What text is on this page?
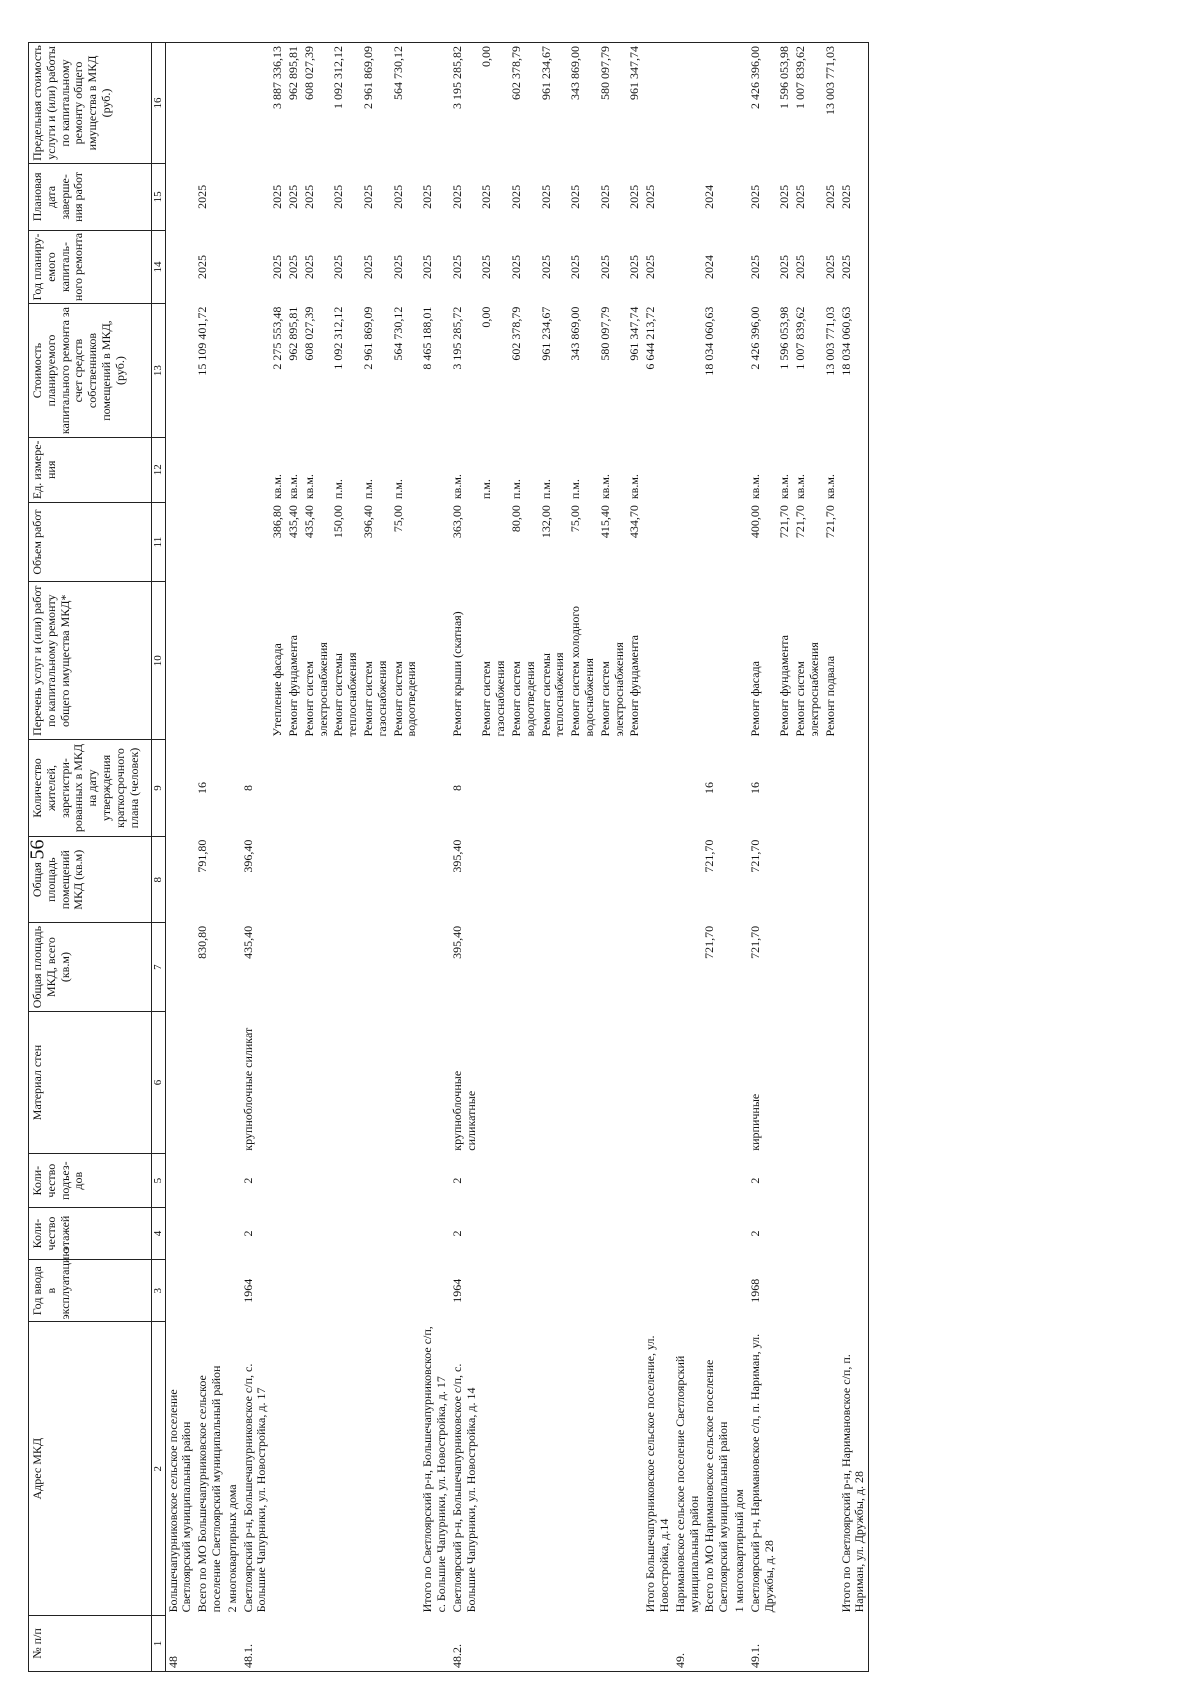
56
№ п/п	Адрес МКД	Год ввода в эксплуатацию	Коли-чество этажей	Коли-чество подъез-дов	Материал стен	Общая площадь МКД, всего (кв.м)	Общая площадь помещений МКД (кв.м)	Количество жителей, зарегистри-рованных в МКД на дату утверждения краткосрочного плана (человек)	Перечень услуг и (или) работ по капитальному ремонту общего имущества МКД*	Объем работ	Ед. измере-ния	Стоимость планируемого капитального ремонта за счет средств собственников помещений в МКД, (руб.)	Год планиру-емого капиталь-ного ремонта	Плановая дата заверше-ния работ	Предельная стоимость услуги и (или) работы по капитальному ремонту общего имущества в МКД (руб.)
1	2	3	4	5	6	7	8	9	10	11	12	13	14	15	16
48	Большечапурниковское сельское поселение Светлоярский муниципальный район														
	Всего по МО Большечапурниковское сельское поселение Светлоярский муниципальный район					830,80	791,80	16				15 109 401,72	2025	2025	
	2 многоквартирных дома														
48.1.	Светлоярский р-н, Большечапурниковское с/п, с. Большие Чапурники, ул. Новостройка, д. 17	1964	2	2	крупноблочные силикат	435,40	396,40	8							
									Утепление фасада	386,80	кв.м.	2 275 553,48	2025	2025	3 887 336,13
									Ремонт фундамента	435,40	кв.м.	962 895,81	2025	2025	962 895,81
									Ремонт систем электроснабжения	435,40	кв.м.	608 027,39	2025	2025	608 027,39
									Ремонт системы теплоснабжения	150,00	п.м.	1 092 312,12	2025	2025	1 092 312,12
									Ремонт систем газоснабжения	396,40	п.м.	2 961 869,09	2025	2025	2 961 869,09
									Ремонт систем водоотведения	75,00	п.м.	564 730,12	2025	2025	564 730,12
	Итого по Светлоярский р-н, Большечапурниковское с/п, с. Большие Чапурники, ул. Новостройка, д. 17											8 465 188,01	2025	2025	
48.2.	Светлоярский р-н, Большечапурниковское с/п, с. Большие Чапурники, ул. Новостройка, д. 14	1964	2	2	крупноблочные силикатные	395,40	395,40	8	Ремонт крыши (скатная)	363,00	кв.м.	3 195 285,72	2025	2025	3 195 285,82
									Ремонт систем газоснабжения		п.м.	0,00	2025	2025	0,00
									Ремонт систем водоотведения	80,00	п.м.	602 378,79	2025	2025	602 378,79
									Ремонт системы теплоснабжения	132,00	п.м.	961 234,67	2025	2025	961 234,67
									Ремонт систем холодного водоснабжения	75,00	п.м.	343 869,00	2025	2025	343 869,00
									Ремонт систем электроснабжения	415,40	кв.м.	580 097,79	2025	2025	580 097,79
									Ремонт фундамента	434,70	кв.м.	961 347,74	2025	2025	961 347,74
	Итого Большечапурниковское сельское поселение, ул. Новостройка, д.14											6 644 213,72	2025	2025	
49.	Наримановское сельское поселение Светлоярский муниципальный район														
	Всего по МО Наримановское сельское поселение Светлоярский муниципальный район					721,70	721,70	16				18 034 060,63	2024	2024	
	1 многоквартирный дом														
49.1.	Светлоярский р-н, Наримановское с/п, п. Нариман, ул. Дружбы, д. 28	1968	2	2	кирпичные	721,70	721,70	16	Ремонт фасада	400,00	кв.м.	2 426 396,00	2025	2025	2 426 396,00
									Ремонт фундамента	721,70	кв.м.	1 596 053,98	2025	2025	1 596 053,98
									Ремонт систем электроснабжения	721,70	кв.м.	1 007 839,62	2025	2025	1 007 839,62
									Ремонт подвала	721,70	кв.м.	13 003 771,03	2025	2025	13 003 771,03
	Итого по Светлоярский р-н, Наримановское с/п, п. Нариман, ул. Дружбы, д. 28											18 034 060,63	2025	2025	
